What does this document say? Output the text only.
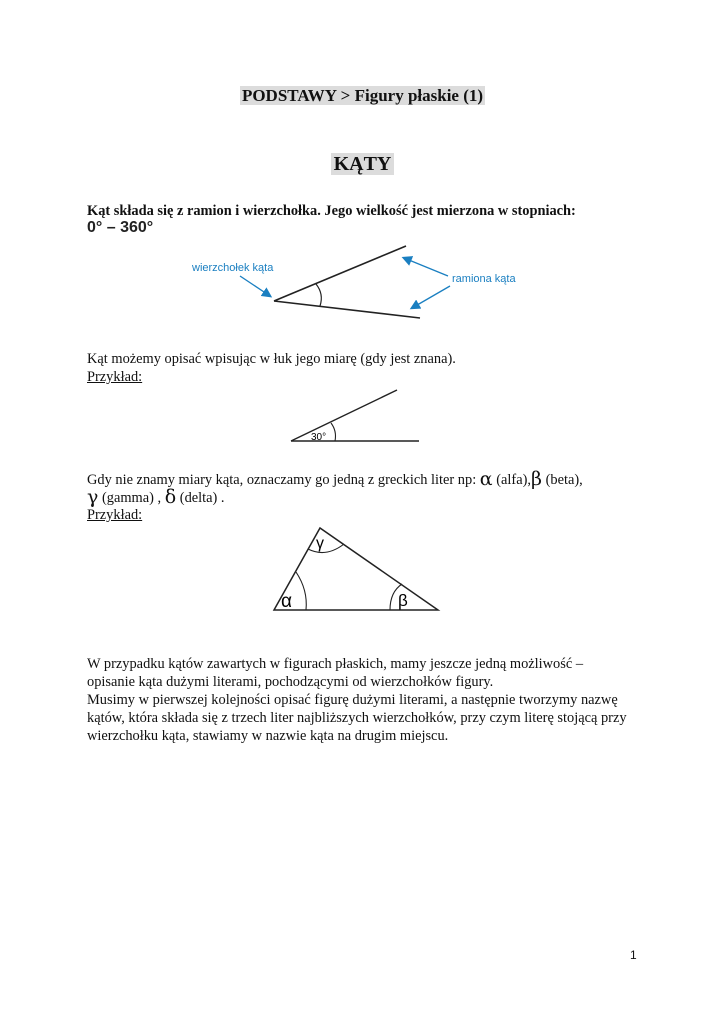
PODSTAWY > Figury płaskie (1)
KĄTY
Kąt składa się z ramion i wierzchołka. Jego wielkość jest mierzona w stopniach:
0° – 360°
wierzchołek kąta
ramiona kąta
Kąt możemy opisać wpisując w łuk jego miarę (gdy jest znana).
Przykład:
30°
Gdy nie znamy miary kąta, oznaczamy go jedną z greckich liter np: α (alfa),β (beta),
γ (gamma) , δ (delta) .
Przykład:
α	β
γ
W przypadku kątów zawartych w figurach płaskich, mamy jeszcze jedną możliwość –
opisanie kąta dużymi literami, pochodzącymi od wierzchołków figury.
Musimy w pierwszej kolejności opisać figurę dużymi literami, a następnie tworzymy nazwę
kątów, która składa się z trzech liter najbliższych wierzchołków, przy czym literę stojącą przy
wierzchołku kąta, stawiamy w nazwie kąta na drugim miejscu.
1
